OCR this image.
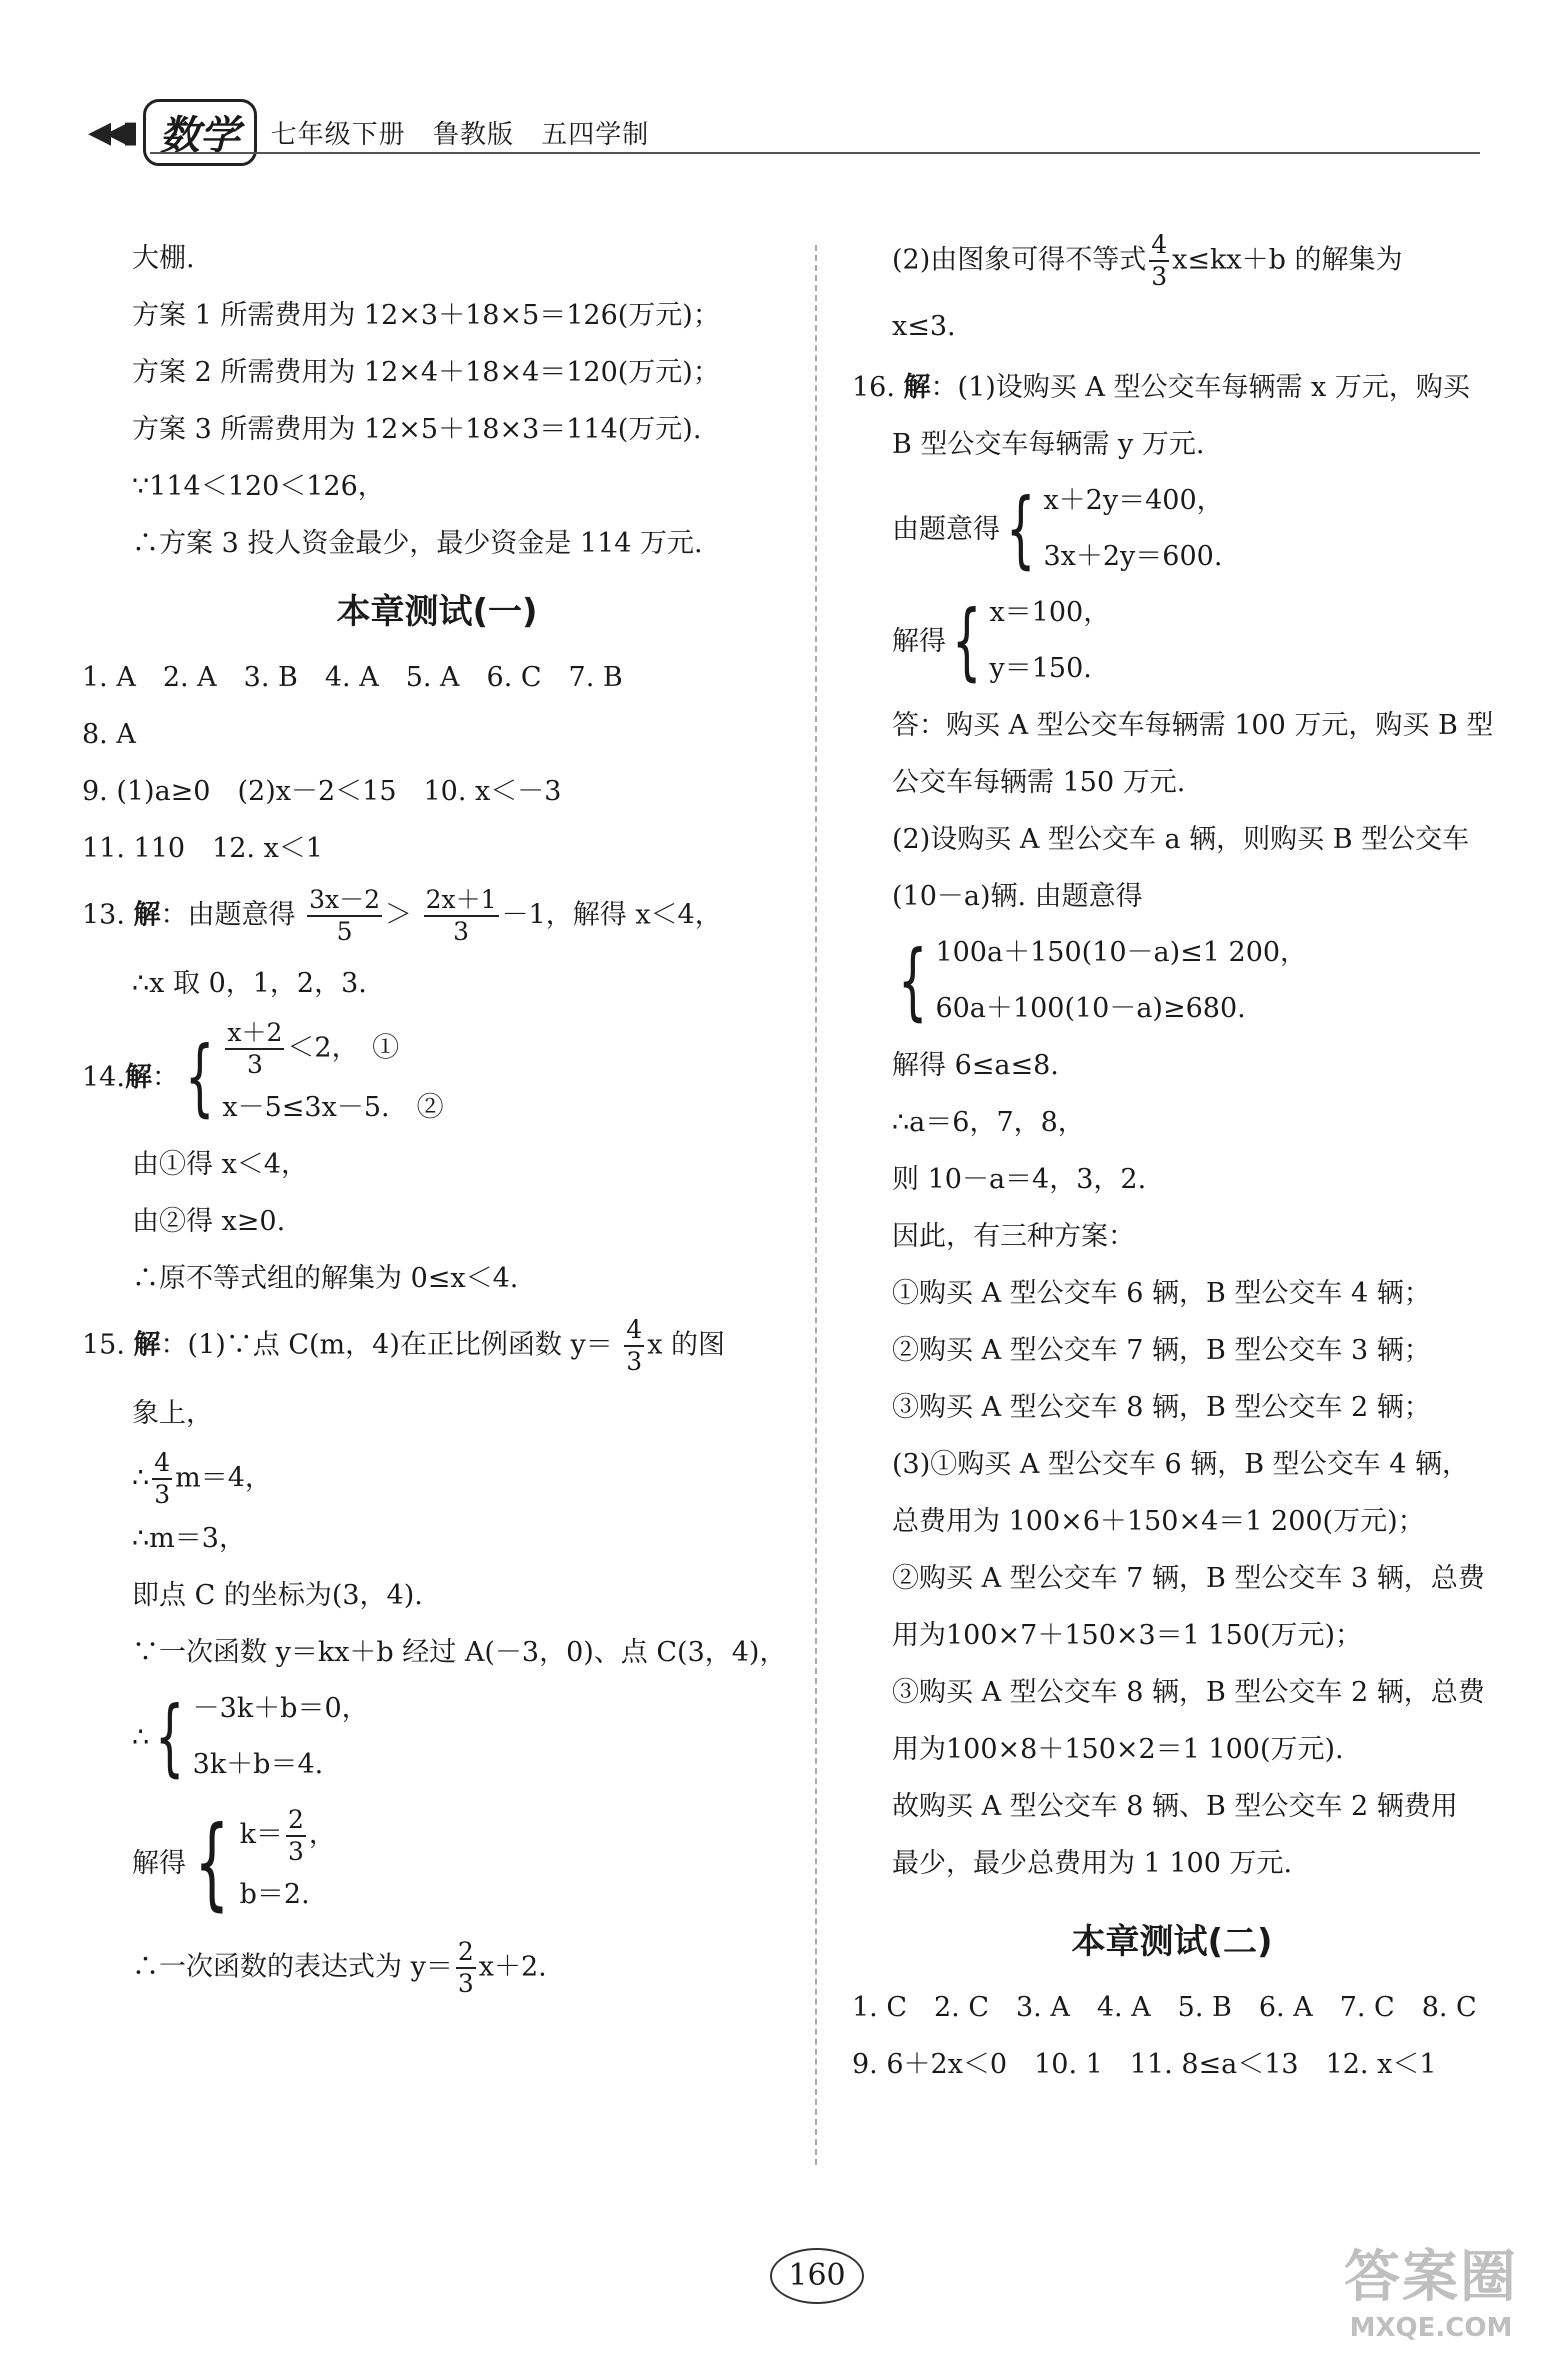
◀◀▮ 数学	七年级下册 鲁教版 五四学制
大棚.
方案 1 所需费用为 12×3＋18×5＝126(万元)；
方案 2 所需费用为 12×4＋18×4＝120(万元)；
方案 3 所需费用为 12×5＋18×3＝114(万元).
∵114＜120＜126，
∴方案 3 投人资金最少，最少资金是 114 万元.
本章测试(一)
1. A　2. A　3. B　4. A　5. A　6. C　7. B
8. A
9. (1)a≥0　(2)x－2＜15　10. x＜－3
11. 110　12. x＜1
13. 解：由题意得 $\frac{3x-2}{5} > \frac{2x+1}{3} -1$，解得 x＜4，
∴x 取 0，1，2，3.
14. 解 ： { $\frac{x+2}{3} <2$，　①
x－5≤3x－5.　②
由①得 x＜4，
由②得 x≥0.
∴原不等式组的解集为 0≤x＜4.
15. 解：(1)∵点 C(m，4)在正比例函数 $y= \frac{4}{3}$ x 的图
象上，
∴ $\frac{4}{3} m=4$，
∴m＝3，
即点 C 的坐标为(3，4).
∵一次函数 y＝kx＋b 经过 A(－3，0)、点 C(3，4)，
∴ { －3k＋b＝0，
3k＋b＝4.
解得 { $k= \frac{2}{3}$ ，
b＝2.
∴一次函数的表达式为 $y= \frac{2}{3} x+2$.
(2)由图象可得不等式 $\frac{4}{3} x\le kx+b$ 的解集为
x≤3.
16. 解：(1)设购买 A 型公交车每辆需 x 万元，购买
B 型公交车每辆需 y 万元.
由题意得 { x＋2y＝400，
3x＋2y＝600.
解得 { x＝100，
y＝150.
答：购买 A 型公交车每辆需 100 万元，购买 B 型
公交车每辆需 150 万元.
(2)设购买 A 型公交车 a 辆，则购买 B 型公交车
(10－a)辆. 由题意得
{ 100a＋150(10－a)≤1 200，
60a＋100(10－a)≥680.
解得 6≤a≤8.
∴a＝6，7，8，
则 10－a＝4，3，2.
因此，有三种方案：
①购买 A 型公交车 6 辆，B 型公交车 4 辆；
②购买 A 型公交车 7 辆，B 型公交车 3 辆；
③购买 A 型公交车 8 辆，B 型公交车 2 辆；
(3)①购买 A 型公交车 6 辆，B 型公交车 4 辆，
总费用为 100×6＋150×4＝1 200(万元)；
②购买 A 型公交车 7 辆，B 型公交车 3 辆，总费
用为100×7＋150×3＝1 150(万元)；
③购买 A 型公交车 8 辆，B 型公交车 2 辆，总费
用为100×8＋150×2＝1 100(万元).
故购买 A 型公交车 8 辆、B 型公交车 2 辆费用
最少，最少总费用为 1 100 万元.
本章测试(二)
1. C　2. C　3. A　4. A　5. B　6. A　7. C　8. C
9. 6＋2x＜0　10. 1　11. 8≤a＜13　12. x＜1
160	答案圈
MXQE.COM
